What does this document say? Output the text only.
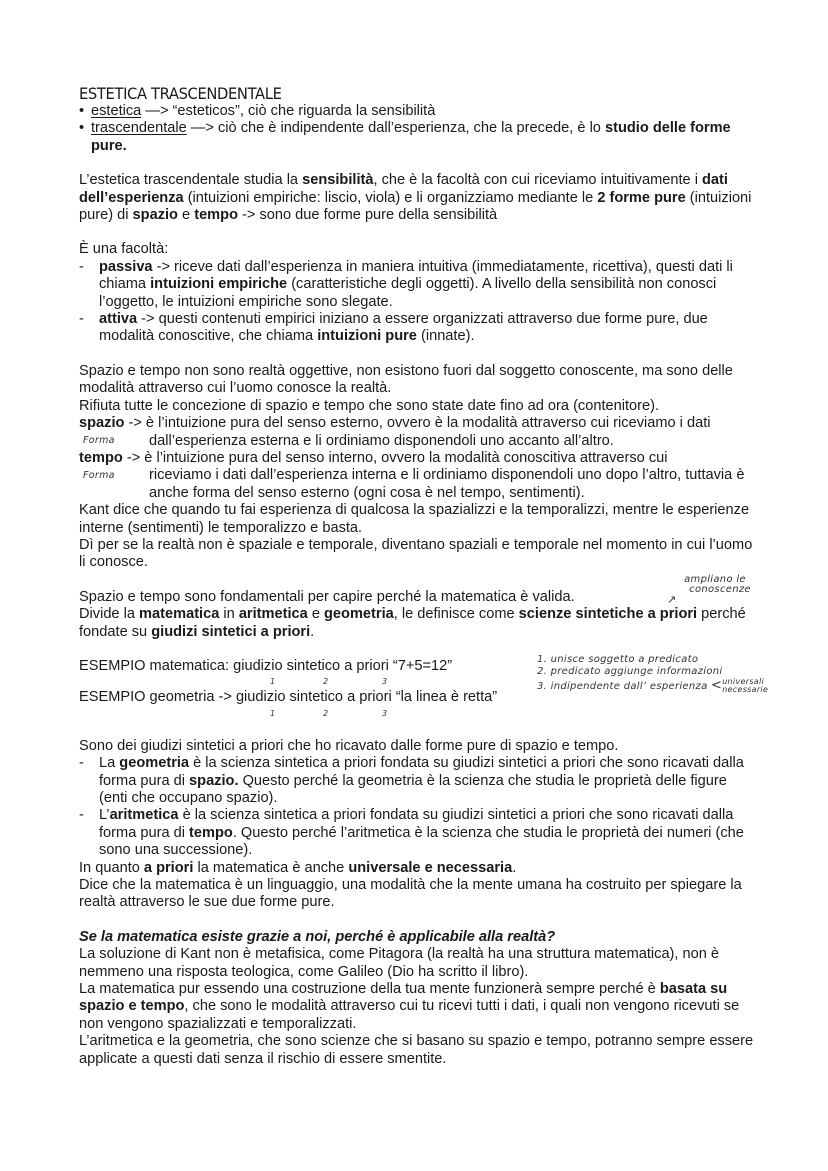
ESTETICA TRASCENDENTALE
• estetica —> “esteticos”, ciò che riguarda la sensibilità
• trascendentale —> ciò che è indipendente dall’esperienza, che la precede, è lo studio delle forme pure.

L’estetica trascendentale studia la sensibilità, che è la facoltà con cui riceviamo intuitivamente i dati dell’esperienza (intuizioni empiriche: liscio, viola) e li organizziamo mediante le 2 forme pure (intuizioni pure) di spazio e tempo -> sono due forme pure della sensibilità

È una facoltà:

- passiva -> riceve dati dall’esperienza in maniera intuitiva (immediatamente, ricettiva), questi dati li chiama intuizioni empiriche (caratteristiche degli oggetti). A livello della sensibilità non conosci l’oggetto, le intuizioni empiriche sono slegate.
- attiva -> questi contenuti empirici iniziano a essere organizzati attraverso due forme pure, due modalità conoscitive, che chiama intuizioni pure (innate).

Spazio e tempo non sono realtà oggettive, non esistono fuori dal soggetto conoscente, ma sono delle modalità attraverso cui l’uomo conosce la realtà.

Rifiuta tutte le concezione di spazio e tempo che sono state date fino ad ora (contenitore).

spazio -> è l’intuizione pura del senso esterno, ovvero è la modalità attraverso cui riceviamo i dati
Forma	dall’esperienza esterna e li ordiniamo disponendoli uno accanto all’altro.
tempo -> è l’intuizione pura del senso interno, ovvero la modalità conoscitiva attraverso cui
Forma	riceviamo i dati dall’esperienza interna e li ordiniamo disponendoli uno dopo l’altro, tuttavia è anche forma del senso esterno (ogni cosa è nel tempo, sentimenti).

Kant dice che quando tu fai esperienza di qualcosa la spazializzi e la temporalizzi, mentre le esperienze interne (sentimenti) le temporalizzo e basta.

Dì per se la realtà non è spaziale e temporale, diventano spaziali e temporale nel momento in cui l’uomo li conosce.

Spazio e tempo sono fondamentali per capire perché la matematica è valida.	↗
ampliano le
conoscenze

Divide la matematica in aritmetica e geometria, le definisce come scienze sintetiche a priori perché fondate su giudizi sintetici a priori.

ESEMPIO matematica: giudizio sintetico a priori “7+5=12”

1	2	3

ESEMPIO geometria -> giudizio sintetico a priori “la linea è retta”

1	2	3
1. unisce soggetto a predicato
2. predicato aggiunge informazioni
3. indipendente dall’ esperienza < universali
necessarie

Sono dei giudizi sintetici a priori che ho ricavato dalle forme pure di spazio e tempo.

- La geometria è la scienza sintetica a priori fondata su giudizi sintetici a priori che sono ricavati dalla forma pura di spazio. Questo perché la geometria è la scienza che studia le proprietà delle figure (enti che occupano spazio).
- L’aritmetica è la scienza sintetica a priori fondata su giudizi sintetici a priori che sono ricavati dalla forma pura di tempo. Questo perché l’aritmetica è la scienza che studia le proprietà dei numeri (che sono una successione).

In quanto a priori la matematica è anche universale e necessaria.

Dice che la matematica è un linguaggio, una modalità che la mente umana ha costruito per spiegare la realtà attraverso le sue due forme pure.

Se la matematica esiste grazie a noi, perché è applicabile alla realtà?

La soluzione di Kant non è metafisica, come Pitagora (la realtà ha una struttura matematica), non è nemmeno una risposta teologica, come Galileo (Dio ha scritto il libro).

La matematica pur essendo una costruzione della tua mente funzionerà sempre perché è basata su spazio e tempo, che sono le modalità attraverso cui tu ricevi tutti i dati, i quali non vengono ricevuti se non vengono spazializzati e temporalizzati.

L’aritmetica e la geometria, che sono scienze che si basano su spazio e tempo, potranno sempre essere applicate a questi dati senza il rischio di essere smentite.
